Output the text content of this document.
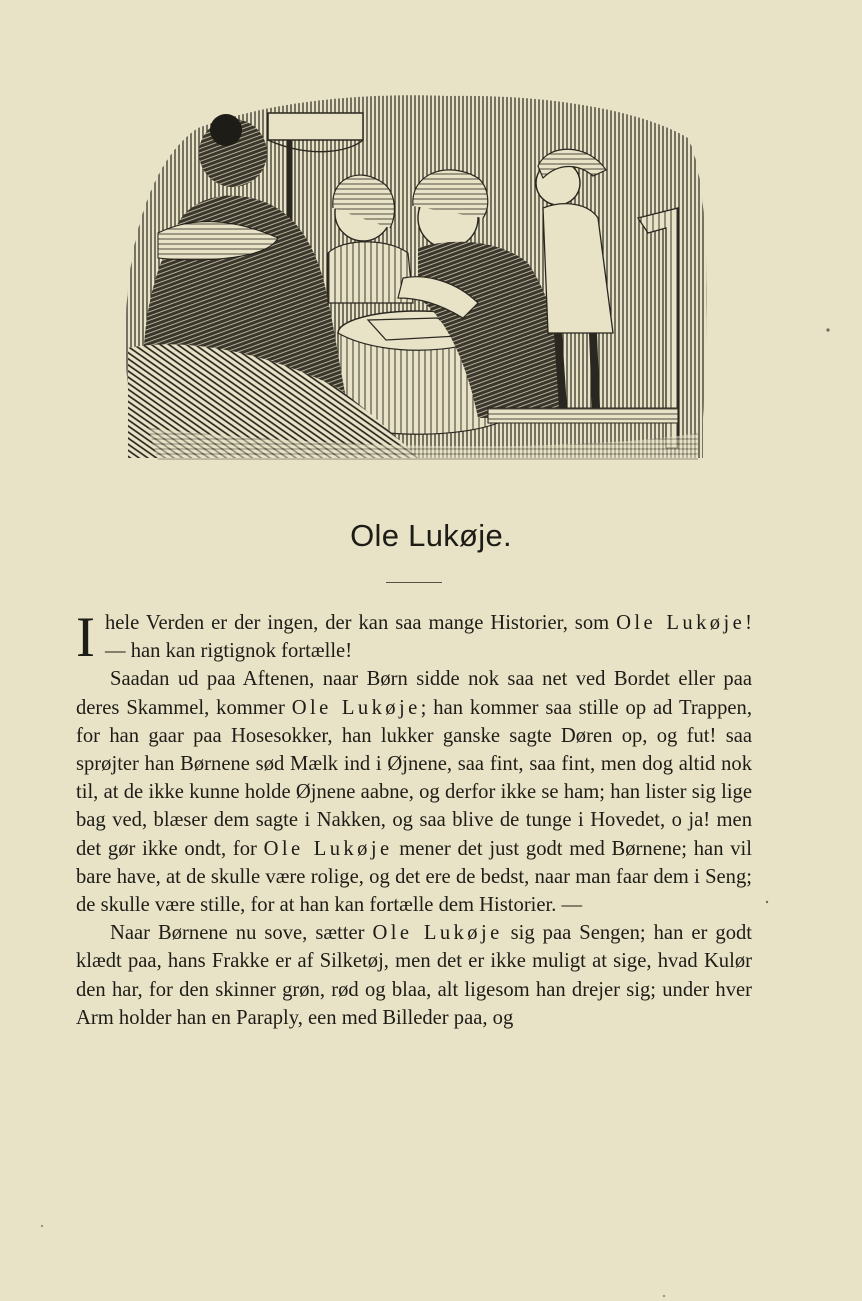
Ole Lukøje.

I hele Verden er der ingen, der kan saa mange Historier, som Ole Lukøje! — han kan rigtignok fortælle!

Saadan ud paa Aftenen, naar Børn sidde nok saa net ved Bordet eller paa deres Skammel, kommer Ole Lukøje; han kommer saa stille op ad Trappen, for han gaar paa Hosesokker, han lukker ganske sagte Døren op, og fut! saa sprøjter han Børnene sød Mælk ind i Øjnene, saa fint, saa fint, men dog altid nok til, at de ikke kunne holde Øjnene aabne, og derfor ikke se ham; han lister sig lige bag ved, blæser dem sagte i Nakken, og saa blive de tunge i Hovedet, o ja! men det gør ikke ondt, for Ole Lukøje mener det just godt med Børnene; han vil bare have, at de skulle være rolige, og det ere de bedst, naar man faar dem i Seng; de skulle være stille, for at han kan fortælle dem Historier. —

Naar Børnene nu sove, sætter Ole Lukøje sig paa Sengen; han er godt klædt paa, hans Frakke er af Silketøj, men det er ikke muligt at sige, hvad Kulør den har, for den skinner grøn, rød og blaa, alt ligesom han drejer sig; under hver Arm holder han en Paraply, een med Billeder paa, og
